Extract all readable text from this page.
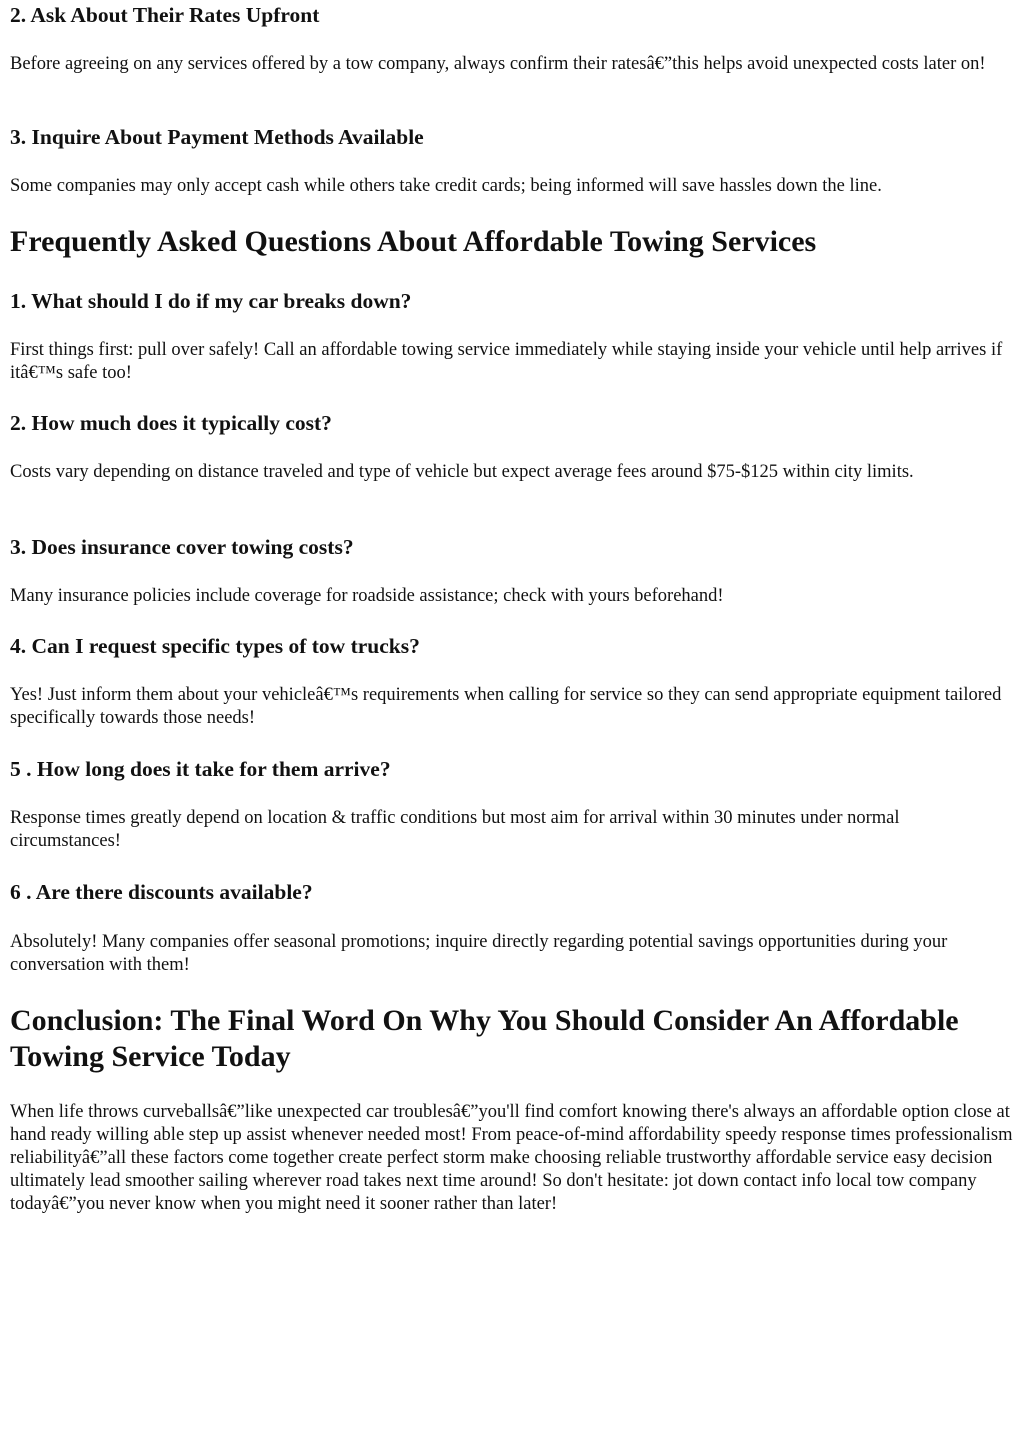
2. Ask About Their Rates Upfront

Before agreeing on any services offered by a tow company, always confirm their ratesâ€”this helps avoid unexpected costs later on!

3. Inquire About Payment Methods Available

Some companies may only accept cash while others take credit cards; being informed will save hassles down the line.

Frequently Asked Questions About Affordable Towing Services
1. What should I do if my car breaks down?

First things first: pull over safely! Call an affordable towing service immediately while staying inside your vehicle until help arrives if itâ€™s safe too!

2. How much does it typically cost?

Costs vary depending on distance traveled and type of vehicle but expect average fees around $75-$125 within city limits.

3. Does insurance cover towing costs?

Many insurance policies include coverage for roadside assistance; check with yours beforehand!

4. Can I request specific types of tow trucks?

Yes! Just inform them about your vehicleâ€™s requirements when calling for service so they can send appropriate equipment tailored specifically towards those needs!

5 . How long does it take for them arrive?

Response times greatly depend on location & traffic conditions but most aim for arrival within 30 minutes under normal circumstances!

6 . Are there discounts available?

Absolutely! Many companies offer seasonal promotions; inquire directly regarding potential savings opportunities during your conversation with them!

Conclusion: The Final Word On Why You Should Consider An Affordable Towing Service Today

When life throws curveballsâ€”like unexpected car troublesâ€”you'll find comfort knowing there's always an affordable option close at hand ready willing able step up assist whenever needed most! From peace-of-mind affordability speedy response times professionalism reliabilityâ€”all these factors come together create perfect storm make choosing reliable trustworthy affordable service easy decision ultimately lead smoother sailing wherever road takes next time around! So don't hesitate: jot down contact info local tow company todayâ€”you never know when you might need it sooner rather than later!
